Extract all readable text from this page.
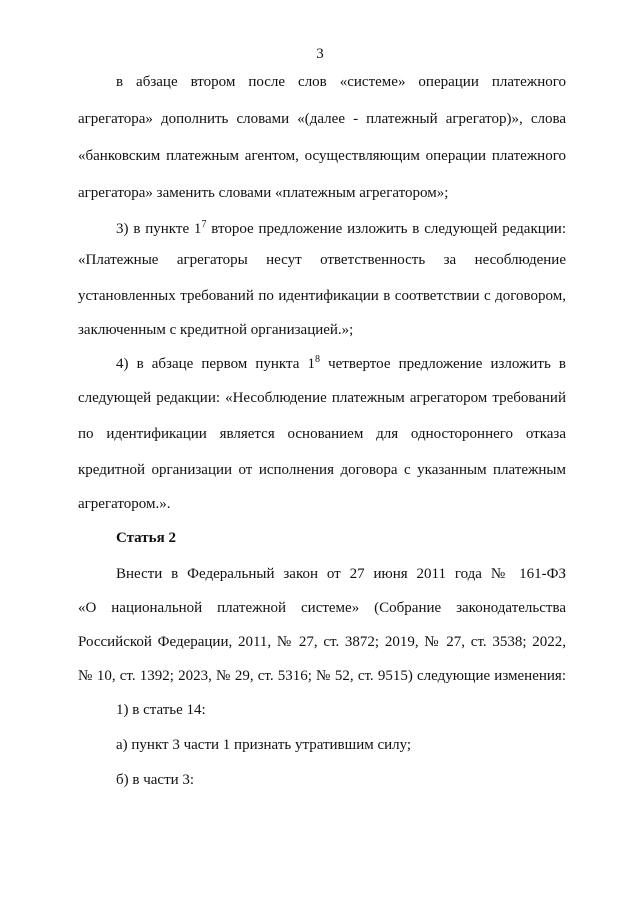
3
в абзаце втором после слов «системе» операции платежного
агрегатора» дополнить словами «(далее - платежный агрегатор)», слова
«банковским платежным агентом, осуществляющим операции платежного
агрегатора» заменить словами «платежным агрегатором»;
3) в пункте $1^7$ второе предложение изложить в следующей редакции:
«Платежные агрегаторы несут ответственность за несоблюдение
установленных требований по идентификации в соответствии с договором,
заключенным с кредитной организацией.»;
4) в абзаце первом пункта $1^8$ четвертое предложение изложить в
следующей редакции: «Несоблюдение платежным агрегатором требований
по идентификации является основанием для одностороннего отказа
кредитной организации от исполнения договора с указанным платежным
агрегатором.».
Статья 2
Внести в Федеральный закон от 27 июня 2011 года № 161-ФЗ
«О национальной платежной системе» (Собрание законодательства
Российской Федерации, 2011, № 27, ст. 3872; 2019, № 27, ст. 3538; 2022,
№ 10, ст. 1392; 2023, № 29, ст. 5316; № 52, ст. 9515) следующие изменения:
1) в статье 14:
а) пункт 3 части 1 признать утратившим силу;
б) в части 3:
